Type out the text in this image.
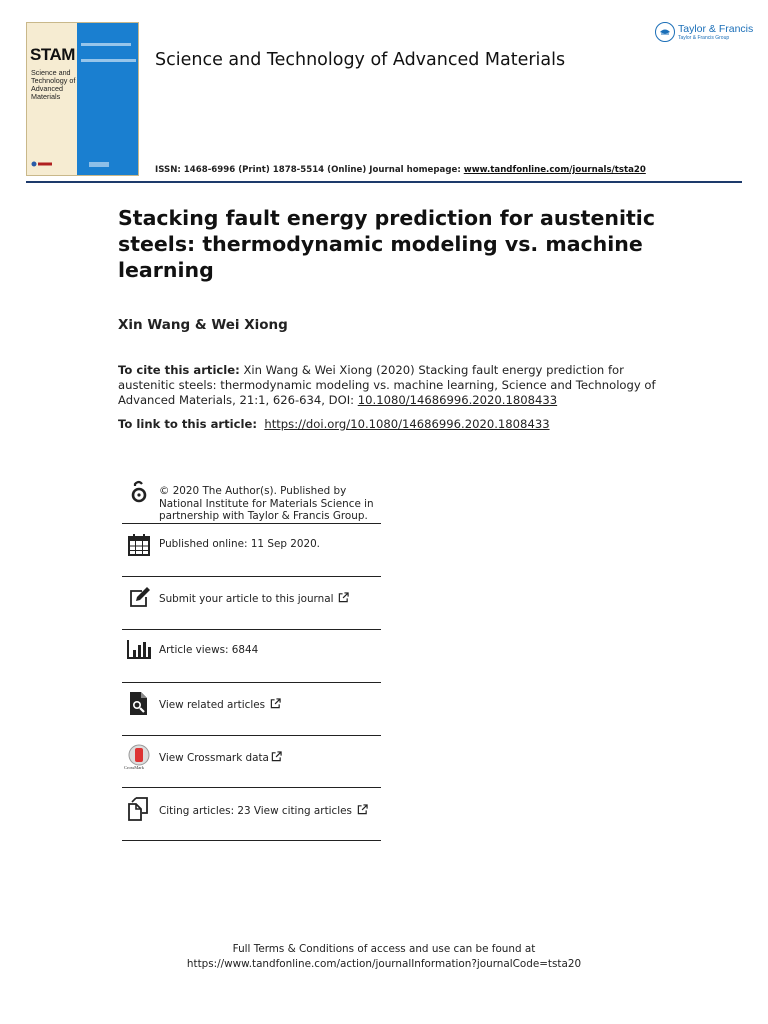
STAM
Science and Technology of Advanced Materials
Science and Technology of Advanced Materials
ISSN: 1468-6996 (Print) 1878-5514 (Online) Journal homepage: www.tandfonline.com/journals/tsta20
Taylor & Francis
Taylor & Francis Group
Stacking fault energy prediction for austenitic steels: thermodynamic modeling vs. machine learning
Xin Wang & Wei Xiong
To cite this article: Xin Wang & Wei Xiong (2020) Stacking fault energy prediction for austenitic steels: thermodynamic modeling vs. machine learning, Science and Technology of Advanced Materials, 21:1, 626-634, DOI: 10.1080/14686996.2020.1808433
To link to this article: https://doi.org/10.1080/14686996.2020.1808433
© 2020 The Author(s). Published by National Institute for Materials Science in partnership with Taylor & Francis Group.
Published online: 11 Sep 2020.
Submit your article to this journal
Article views: 6844
View related articles
CrossMark
View Crossmark data
Citing articles: 23 View citing articles
Full Terms & Conditions of access and use can be found at
https://www.tandfonline.com/action/journalInformation?journalCode=tsta20
